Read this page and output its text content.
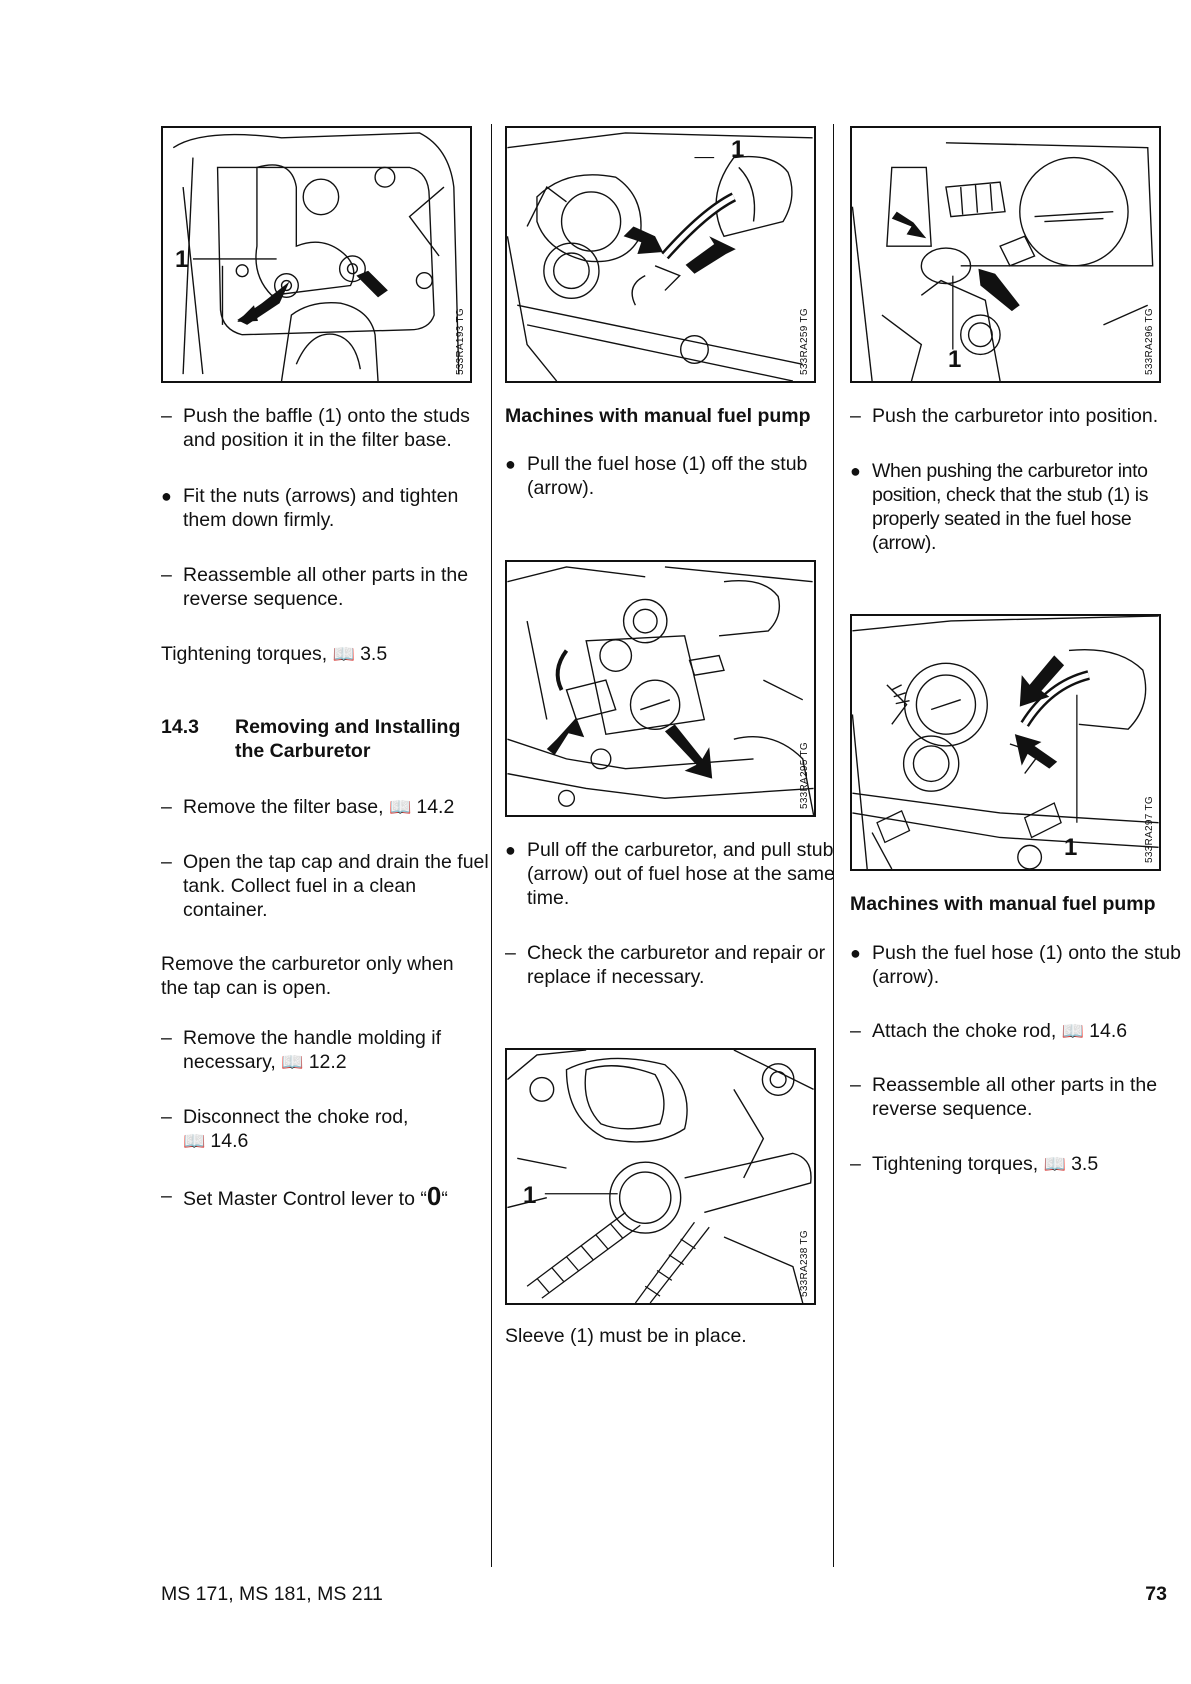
1
533RA193 TG
1
533RA259 TG	1	533RA296 TG
– Push the baffle (1) onto the studs and position it in the filter base.
● Fit the nuts (arrows) and tighten them down firmly.
– Reassemble all other parts in the reverse sequence.
Tightening torques, 📖 3.5
14.3 Removing and Installing the Carburetor
– Remove the filter base, 📖 14.2
– Open the tap cap and drain the fuel tank. Collect fuel in a clean container.
Remove the carburetor only when the tap can is open.
– Remove the handle molding if necessary, 📖 12.2
– Disconnect the choke rod,
📖 14.6
– Set Master Control lever to “0“
Machines with manual fuel pump
● Pull the fuel hose (1) off the stub (arrow).
533RA295 TG
● Pull off the carburetor, and pull stub (arrow) out of fuel hose at the same time.
– Check the carburetor and repair or replace if necessary.
1
533RA238 TG
Sleeve (1) must be in place.
– Push the carburetor into position.
● When pushing the carburetor into position, check that the stub (1) is properly seated in the fuel hose (arrow).
1	533RA297 TG
Machines with manual fuel pump
● Push the fuel hose (1) onto the stub (arrow).
– Attach the choke rod, 📖 14.6
– Reassemble all other parts in the reverse sequence.
– Tightening torques, 📖 3.5
MS 171, MS 181, MS 211	73
